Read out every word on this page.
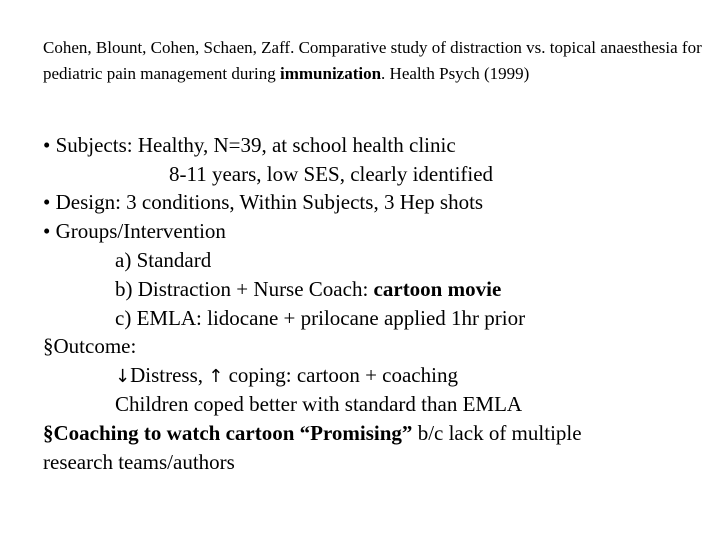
Cohen, Blount, Cohen, Schaen, Zaff. Comparative study of distraction vs. topical anaesthesia for pediatric pain management during immunization. Health Psych (1999)
• Subjects: Healthy, N=39, at school health clinic
8-11 years, low SES, clearly identified
• Design: 3 conditions, Within Subjects, 3 Hep shots
• Groups/Intervention
a) Standard
b) Distraction + Nurse Coach: cartoon movie
c) EMLA: lidocane + prilocane applied 1hr prior
§Outcome:
↓Distress, ↑ coping: cartoon + coaching
Children coped better with standard than EMLA
§Coaching to watch cartoon “Promising” b/c lack of multiple
research teams/authors
